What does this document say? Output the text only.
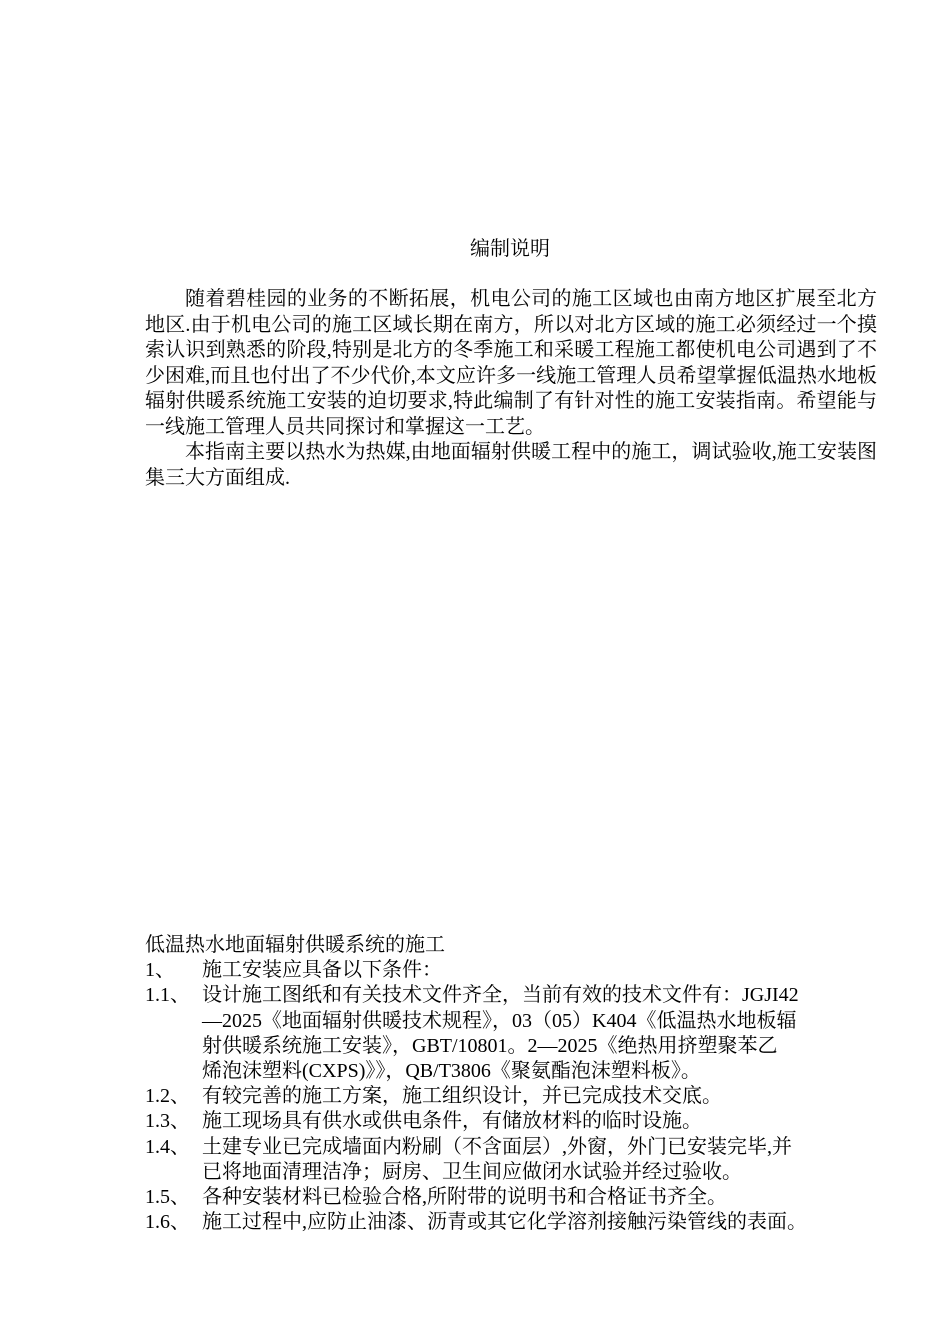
编制说明

随着碧桂园的业务的不断拓展，机电公司的施工区域也由南方地区扩展至北方地区.由于机电公司的施工区域长期在南方，所以对北方区域的施工必须经过一个摸索认识到熟悉的阶段,特别是北方的冬季施工和采暖工程施工都使机电公司遇到了不少困难,而且也付出了不少代价,本文应许多一线施工管理人员希望掌握低温热水地板辐射供暖系统施工安装的迫切要求,特此编制了有针对性的施工安装指南。希望能与一线施工管理人员共同探讨和掌握这一工艺。

本指南主要以热水为热媒,由地面辐射供暖工程中的施工，调试验收,施工安装图集三大方面组成.

低温热水地面辐射供暖系统的施工
1、	施工安装应具备以下条件：
1.1、 设计施工图纸和有关技术文件齐全，当前有效的技术文件有：JGJI42
—2025《地面辐射供暖技术规程》，03（05）K404《低温热水地板辐
射供暖系统施工安装》，GBT/10801。2—2025《绝热用挤塑聚苯乙
烯泡沫塑料(CXPS)》》，QB/T3806《聚氨酯泡沫塑料板》。
1.2、 有较完善的施工方案，施工组织设计，并已完成技术交底。
1.3、 施工现场具有供水或供电条件，有储放材料的临时设施。
1.4、 土建专业已完成墙面内粉刷（不含面层）,外窗，外门已安装完毕,并
已将地面清理洁净；厨房、卫生间应做闭水试验并经过验收。
1.5、 各种安装材料已检验合格,所附带的说明书和合格证书齐全。
1.6、 施工过程中,应防止油漆、沥青或其它化学溶剂接触污染管线的表面。
